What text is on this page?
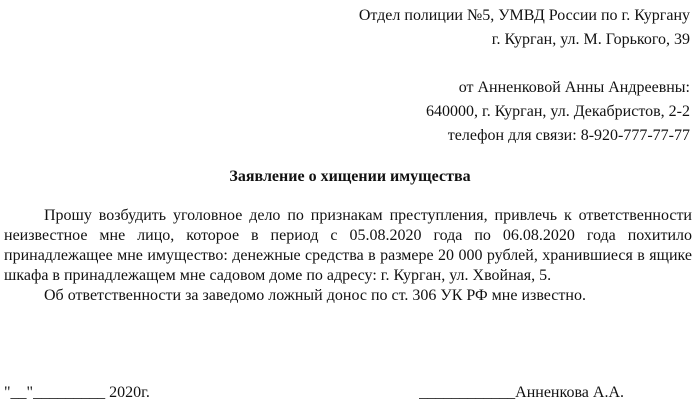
Отдел полиции №5, УМВД России по г. Кургану
г. Курган, ул. М. Горького, 39
от Анненковой Анны Андреевны:
640000, г. Курган, ул. Декабристов, 2-2
телефон для связи: 8-920-777-77-77
Заявление о хищении имущества

Прошу возбудить уголовное дело по признакам преступления, привлечь к ответственности неизвестное мне лицо, которое в период с 05.08.2020 года по 06.08.2020 года похитило принадлежащее мне имущество: денежные средства в размере 20 000 рублей, хранившиеся в ящике шкафа в принадлежащем мне садовом доме по адресу: г. Курган, ул. Хвойная, 5.

Об ответственности за заведомо ложный донос по ст. 306 УК РФ мне известно.

"__"_________ 2020г.	____________Анненкова А.А.
